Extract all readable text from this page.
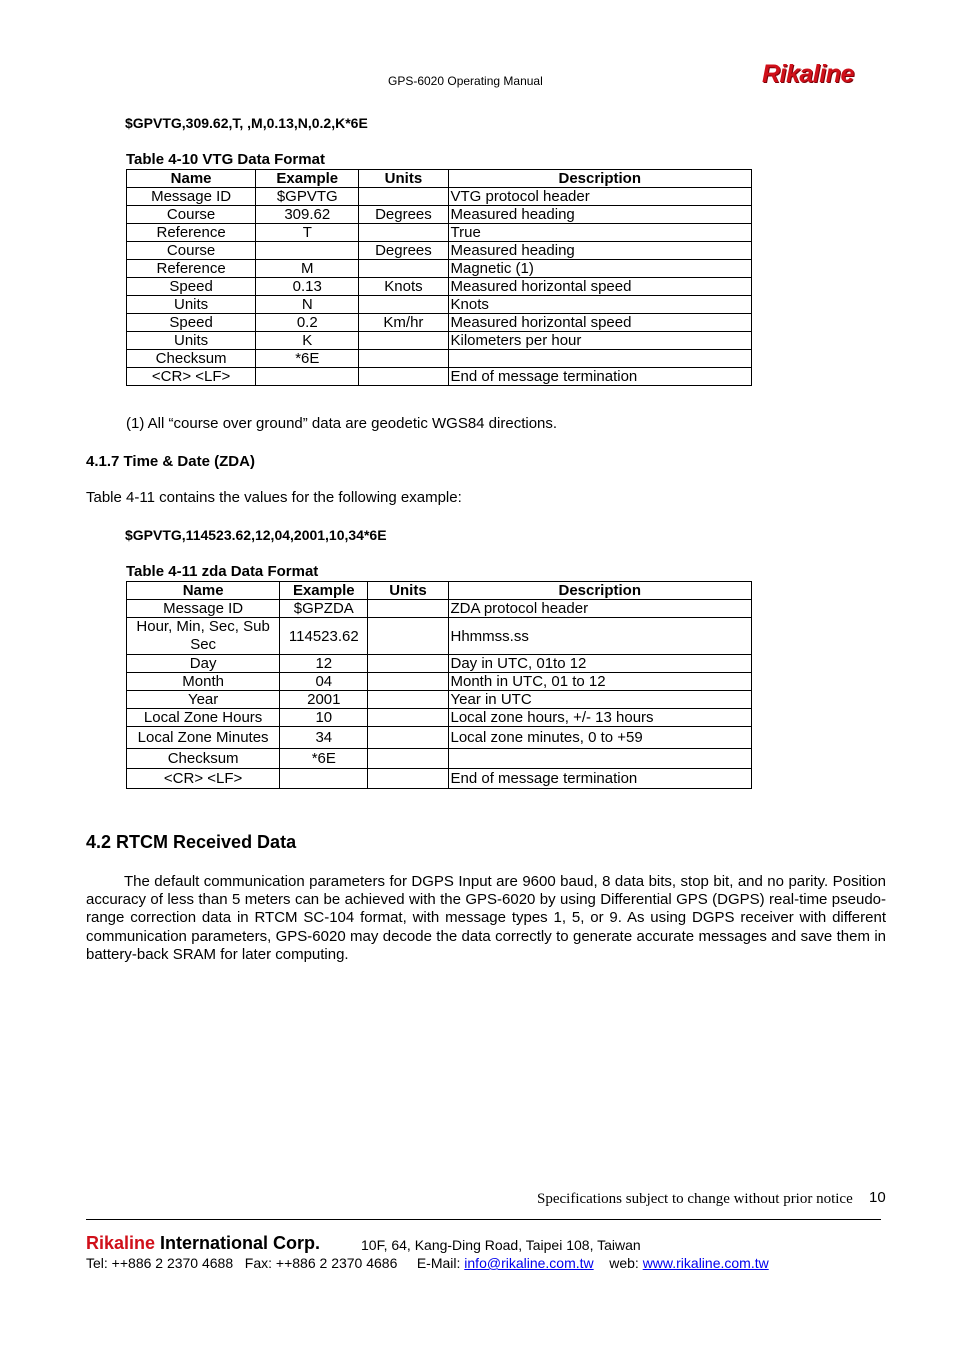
GPS-6020 Operating Manual	Rikaline
$GPVTG,309.62,T, ,M,0.13,N,0.2,K*6E
Table 4-10 VTG Data Format
Name	Example	Units	Description
Message ID	$GPVTG		VTG protocol header
Course	309.62	Degrees	Measured heading
Reference	T		True
Course		Degrees	Measured heading
Reference	M		Magnetic (1)
Speed	0.13	Knots	Measured horizontal speed
Units	N		Knots
Speed	0.2	Km/hr	Measured horizontal speed
Units	K		Kilometers per hour
Checksum	*6E		
<CR> <LF>			End of message termination
(1) All “course over ground” data are geodetic WGS84 directions.
4.1.7 Time & Date (ZDA)
Table 4-11 contains the values for the following example:
$GPVTG,114523.62,12,04,2001,10,34*6E
Table 4-11 zda Data Format
Name	Example	Units	Description
Message ID	$GPZDA		ZDA protocol header
Hour, Min, Sec, Sub Sec	114523.62		Hhmmss.ss
Day	12		Day in UTC, 01to 12
Month	04		Month in UTC, 01 to 12
Year	2001		Year in UTC
Local Zone Hours	10		Local zone hours, +/- 13 hours
Local Zone Minutes	34		Local zone minutes, 0 to +59
Checksum	*6E		
<CR> <LF>			End of message termination
4.2 RTCM Received Data
The default communication parameters for DGPS Input are 9600 baud, 8 data bits, stop bit, and no parity. Position accuracy of less than 5 meters can be achieved with the GPS-6020 by using Differential GPS (DGPS) real-time pseudo-range correction data in RTCM SC-104 format, with message types 1, 5, or 9. As using DGPS receiver with different communication parameters, GPS-6020 may decode the data correctly to generate accurate messages and save them in battery-back SRAM for later computing.
Specifications subject to change without prior notice 10
Rikaline International Corp.	10F, 64, Kang-Ding Road, Taipei 108, Taiwan
Tel: ++886 2 2370 4688   Fax: ++886 2 2370 4686     E-Mail: info@rikaline.com.tw    web: www.rikaline.com.tw
